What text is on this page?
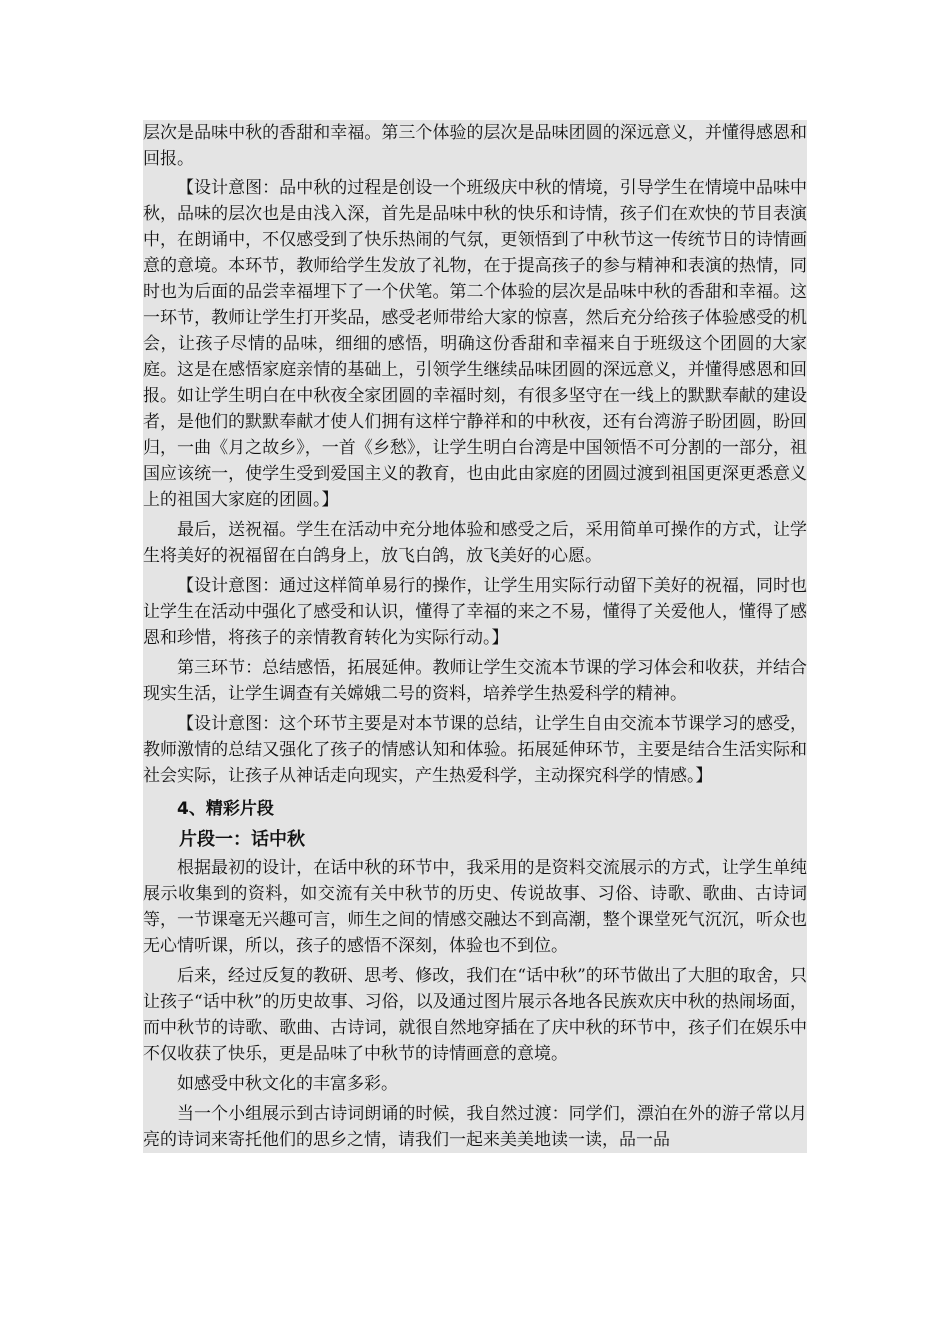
层次是品味中秋的香甜和幸福。第三个体验的层次是品味团圆的深远意义，并懂得感恩和回报。

【设计意图：品中秋的过程是创设一个班级庆中秋的情境，引导学生在情境中品味中秋，品味的层次也是由浅入深，首先是品味中秋的快乐和诗情，孩子们在欢快的节目表演中，在朗诵中，不仅感受到了快乐热闹的气氛，更领悟到了中秋节这一传统节日的诗情画意的意境。本环节，教师给学生发放了礼物，在于提高孩子的参与精神和表演的热情，同时也为后面的品尝幸福埋下了一个伏笔。第二个体验的层次是品味中秋的香甜和幸福。这一环节，教师让学生打开奖品，感受老师带给大家的惊喜，然后充分给孩子体验感受的机会，让孩子尽情的品味，细细的感悟，明确这份香甜和幸福来自于班级这个团圆的大家庭。这是在感悟家庭亲情的基础上，引领学生继续品味团圆的深远意义，并懂得感恩和回报。如让学生明白在中秋夜全家团圆的幸福时刻，有很多坚守在一线上的默默奉献的建设者，是他们的默默奉献才使人们拥有这样宁静祥和的中秋夜，还有台湾游子盼团圆，盼回归，一曲《月之故乡》，一首《乡愁》，让学生明白台湾是中国领悟不可分割的一部分，祖国应该统一，使学生受到爱国主义的教育，也由此由家庭的团圆过渡到祖国更深更悉意义上的祖国大家庭的团圆。】

最后，送祝福。学生在活动中充分地体验和感受之后，采用简单可操作的方式，让学生将美好的祝福留在白鸽身上，放飞白鸽，放飞美好的心愿。

【设计意图：通过这样简单易行的操作，让学生用实际行动留下美好的祝福，同时也让学生在活动中强化了感受和认识，懂得了幸福的来之不易，懂得了关爱他人，懂得了感恩和珍惜，将孩子的亲情教育转化为实际行动。】

第三环节：总结感悟，拓展延伸。教师让学生交流本节课的学习体会和收获，并结合现实生活，让学生调查有关嫦娥二号的资料，培养学生热爱科学的精神。

【设计意图：这个环节主要是对本节课的总结，让学生自由交流本节课学习的感受，教师激情的总结又强化了孩子的情感认知和体验。拓展延伸环节，主要是结合生活实际和社会实际，让孩子从神话走向现实，产生热爱科学，主动探究科学的情感。】

4、精彩片段

片段一：话中秋

根据最初的设计，在话中秋的环节中，我采用的是资料交流展示的方式，让学生单纯展示收集到的资料，如交流有关中秋节的历史、传说故事、习俗、诗歌、歌曲、古诗词等，一节课毫无兴趣可言，师生之间的情感交融达不到高潮，整个课堂死气沉沉，听众也无心情听课，所以，孩子的感悟不深刻，体验也不到位。

后来，经过反复的教研、思考、修改，我们在“话中秋”的环节做出了大胆的取舍，只让孩子“话中秋”的历史故事、习俗，以及通过图片展示各地各民族欢庆中秋的热闹场面，而中秋节的诗歌、歌曲、古诗词，就很自然地穿插在了庆中秋的环节中，孩子们在娱乐中不仅收获了快乐，更是品味了中秋节的诗情画意的意境。

如感受中秋文化的丰富多彩。

当一个小组展示到古诗词朗诵的时候，我自然过渡：同学们，漂泊在外的游子常以月亮的诗词来寄托他们的思乡之情，请我们一起来美美地读一读，品一品
